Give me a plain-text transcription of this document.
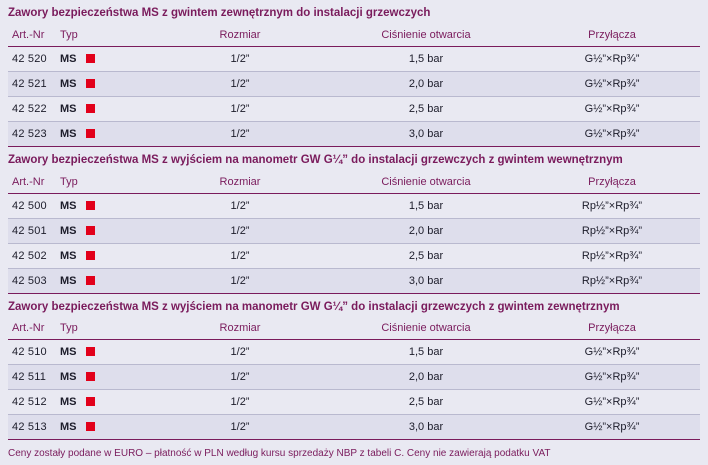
Zawory bezpieczeństwa MS z gwintem zewnętrznym do instalacji grzewczych
Art.-Nr	Typ	Rozmiar	Ciśnienie otwarcia	Przyłącza
42 520	MS	1/2”	1,5 bar	G½”×Rp¾”
42 521	MS	1/2”	2,0 bar	G½”×Rp¾”
42 522	MS	1/2”	2,5 bar	G½”×Rp¾”
42 523	MS	1/2”	3,0 bar	G½”×Rp¾”
Zawory bezpieczeństwa MS z wyjściem na manometr GW G¼” do instalacji grzewczych z gwintem wewnętrznym
Art.-Nr	Typ	Rozmiar	Ciśnienie otwarcia	Przyłącza
42 500	MS	1/2”	1,5 bar	Rp½”×Rp¾”
42 501	MS	1/2”	2,0 bar	Rp½”×Rp¾”
42 502	MS	1/2”	2,5 bar	Rp½”×Rp¾”
42 503	MS	1/2”	3,0 bar	Rp½”×Rp¾”
Zawory bezpieczeństwa MS z wyjściem na manometr GW G¼” do instalacji grzewczych z gwintem zewnętrznym
Art.-Nr	Typ	Rozmiar	Ciśnienie otwarcia	Przyłącza
42 510	MS	1/2”	1,5 bar	G½”×Rp¾”
42 511	MS	1/2”	2,0 bar	G½”×Rp¾”
42 512	MS	1/2”	2,5 bar	G½”×Rp¾”
42 513	MS	1/2”	3,0 bar	G½”×Rp¾”
Ceny zostały podane w EURO – płatność w PLN według kursu sprzedaży NBP z tabeli C. Ceny nie zawierają podatku VAT
